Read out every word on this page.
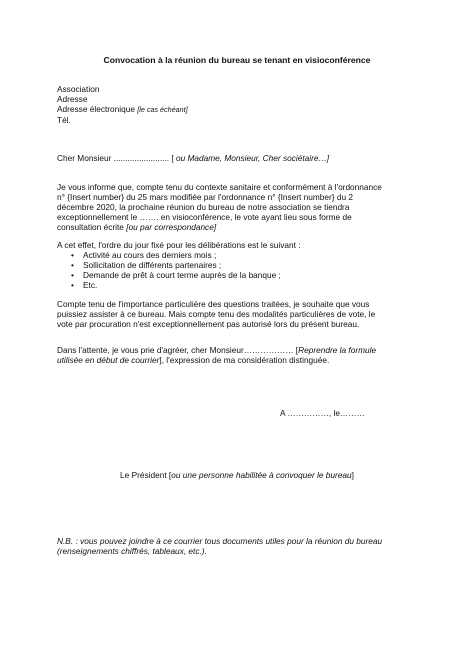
Convocation à la réunion du bureau se tenant en visioconférence
Association
Adresse
Adresse électronique [le cas échéant]
Tél.
Cher Monsieur ........................ [ ou Madame, Monsieur, Cher sociétaire…]
Je vous informe que, compte tenu du contexte sanitaire et conformément à l'ordonnance
n° {Insert number} du 25 mars modifiée par l'ordonnance n° {Insert number} du 2
décembre 2020, la prochaine réunion du bureau de notre association se tiendra
exceptionnellement le ……. en visioconférence, le vote ayant lieu sous forme de
consultation écrite [ou par correspondance]
A cet effet, l'ordre du jour fixé pour les délibérations est le suivant :
• Activité au cours des derniers mois ;
• Sollicitation de différents partenaires ;
• Demande de prêt à court terme auprès de la banque ;
• Etc.
Compte tenu de l'importance particulière des questions traitées, je souhaite que vous
puissiez assister à ce bureau. Mais compte tenu des modalités particulières de vote, le
vote par procuration n'est exceptionnellement pas autorisé lors du présent bureau.
Dans l'attente, je vous prie d'agréer, cher Monsieur……………… [Reprendre la formule
utilisée en début de courrier], l'expression de ma considération distinguée.
A ……………, le………
Le Président [ou une personne habilitée à convoquer le bureau]
N.B. : vous pouvez joindre à ce courrier tous documents utiles pour la réunion du bureau
(renseignements chiffrés, tableaux, etc.).
